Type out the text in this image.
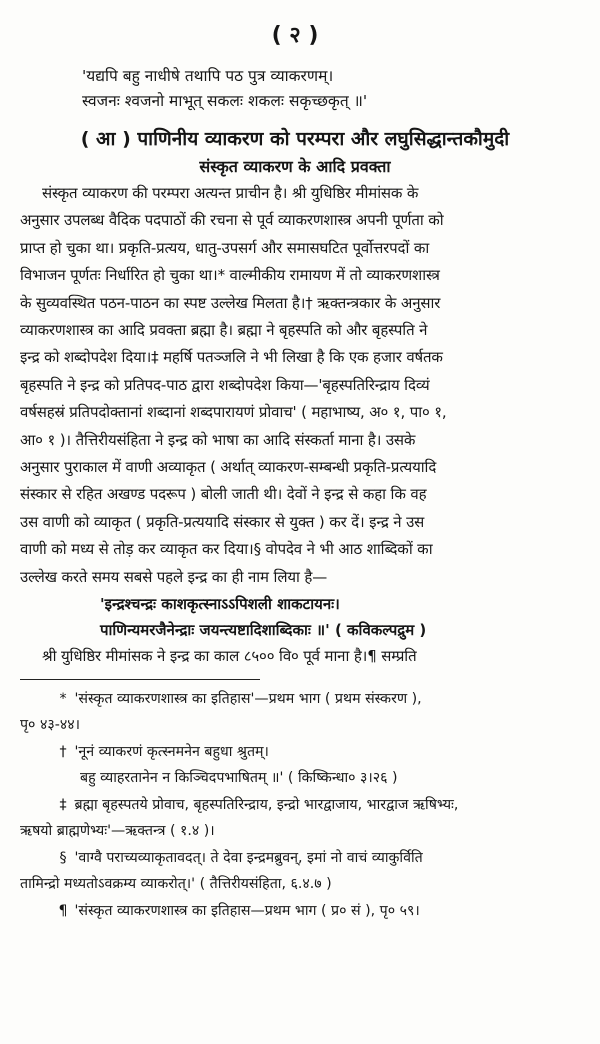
( २ )
'यद्यपि बहु नाधीषे तथापि पठ पुत्र व्याकरणम्।
स्वजनः श्वजनो माभूत् सकलः शकलः सकृच्छकृत् ॥'
( आ ) पाणिनीय व्याकरण को परम्परा और लघुसिद्धान्तकौमुदी
संस्कृत व्याकरण के आदि प्रवक्ता
संस्कृत व्याकरण की परम्परा अत्यन्त प्राचीन है। श्री युधिष्ठिर मीमांसक के
अनुसार उपलब्ध वैदिक पदपाठों की रचना से पूर्व व्याकरणशास्त्र अपनी पूर्णता को
प्राप्त हो चुका था। प्रकृति-प्रत्यय, धातु-उपसर्ग और समासघटित पूर्वोत्तरपदों का
विभाजन पूर्णतः निर्धारित हो चुका था।* वाल्मीकीय रामायण में तो व्याकरणशास्त्र
के सुव्यवस्थित पठन-पाठन का स्पष्ट उल्लेख मिलता है।† ऋक्तन्त्रकार के अनुसार
व्याकरणशास्त्र का आदि प्रवक्ता ब्रह्मा है। ब्रह्मा ने बृहस्पति को और बृहस्पति ने
इन्द्र को शब्दोपदेश दिया।‡ महर्षि पतञ्जलि ने भी लिखा है कि एक हजार वर्षतक
बृहस्पति ने इन्द्र को प्रतिपद-पाठ द्वारा शब्दोपदेश किया—'बृहस्पतिरिन्द्राय दिव्यं
वर्षसहस्रं प्रतिपदोक्तानां शब्दानां शब्दपारायणं प्रोवाच' ( महाभाष्य, अ० १, पा० १,
आ० १ )। तैत्तिरीयसंहिता ने इन्द्र को भाषा का आदि संस्कर्ता माना है। उसके
अनुसार पुराकाल में वाणी अव्याकृत ( अर्थात् व्याकरण-सम्बन्धी प्रकृति-प्रत्ययादि
संस्कार से रहित अखण्ड पदरूप ) बोली जाती थी। देवों ने इन्द्र से कहा कि वह
उस वाणी को व्याकृत ( प्रकृति-प्रत्ययादि संस्कार से युक्त ) कर दें। इन्द्र ने उस
वाणी को मध्य से तोड़ कर व्याकृत कर दिया।§ वोपदेव ने भी आठ शाब्दिकों का
उल्लेख करते समय सबसे पहले इन्द्र का ही नाम लिया है—
'इन्द्रश्चन्द्रः काशकृत्स्नाऽऽपिशली शाकटायनः।
पाणिन्यमरजैनेन्द्राः जयन्त्यष्टादिशाब्दिकाः ॥' ( कविकल्पद्रुम )
श्री युधिष्ठिर मीमांसक ने इन्द्र का काल ८५०० वि० पूर्व माना है।¶ सम्प्रति
* 'संस्कृत व्याकरणशास्त्र का इतिहास'—प्रथम भाग ( प्रथम संस्करण ),
पृ० ४३-४४।
† 'नूनं व्याकरणं कृत्स्नमनेन बहुधा श्रुतम्।
बहु व्याहरतानेन न किञ्चिदपभाषितम् ॥' ( किष्किन्धा० ३।२६ )
‡ ब्रह्मा बृहस्पतये प्रोवाच, बृहस्पतिरिन्द्राय, इन्द्रो भारद्वाजाय, भारद्वाज ऋषिभ्यः,
ऋषयो ब्राह्मणेभ्यः'—ऋक्तन्त्र ( १.४ )।
§ 'वाग्वै पराच्यव्याकृतावदत्। ते देवा इन्द्रमब्रुवन्, इमां नो वाचं व्याकुर्विति
तामिन्द्रो मध्यतोऽवक्रम्य व्याकरोत्।' ( तैत्तिरीयसंहिता, ६.४.७ )
¶ 'संस्कृत व्याकरणशास्त्र का इतिहास—प्रथम भाग ( प्र० सं ), पृ० ५९।
